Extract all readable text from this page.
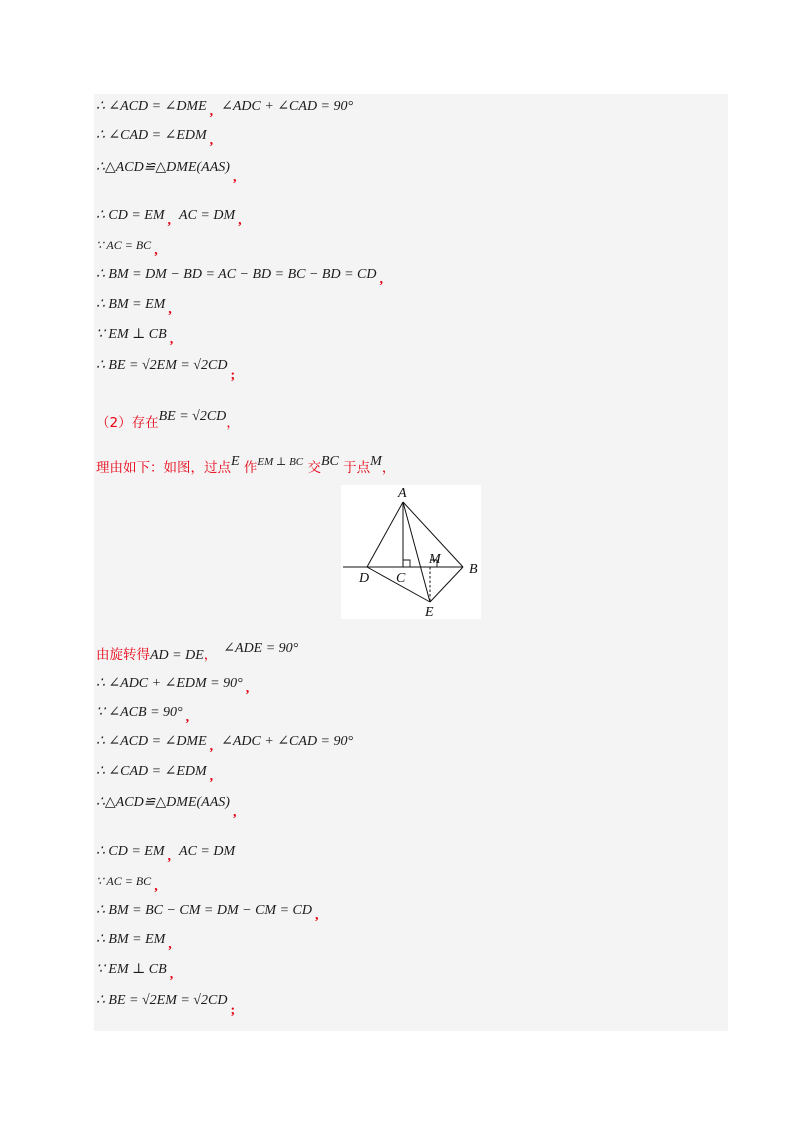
∴ ∠ACD = ∠DME , ∠ADC + ∠CAD = 90°
∴ ∠CAD = ∠EDM ,
∴△ACD≌△DME(AAS),
∴ CD = EM , AC = DM ,
∵ AC = BC ,
∴ BM = DM − BD = AC − BD = BC − BD = CD ,
∴ BM = EM ,
∵ EM ⊥ CB ,
∴ BE = √2EM = √2CD;
（2）存在BE = √2CD，
理由如下：如图，过点E 作$^{EM \perp BC}$ 交BC 于点M，
A
B
C
D
E
M
由旋转得AD = DE， ∠ADE = 90°
∴ ∠ADC + ∠EDM = 90° ,
∵ ∠ACB = 90° ,
∴ ∠ACD = ∠DME , ∠ADC + ∠CAD = 90°
∴ ∠CAD = ∠EDM ,
∴△ACD≌△DME(AAS),
∴ CD = EM , AC = DM
∵ AC = BC ,
∴ BM = BC − CM = DM − CM = CD ,
∴ BM = EM ,
∵ EM ⊥ CB ,
∴ BE = √2EM = √2CD;
